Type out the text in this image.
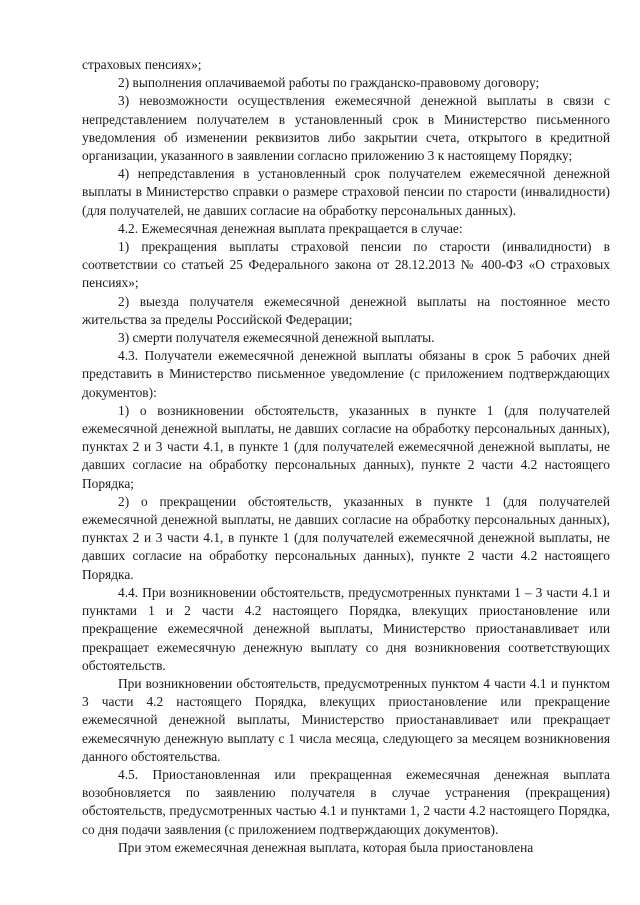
страховых пенсиях»;

2) выполнения оплачиваемой работы по гражданско-правовому договору;

3) невозможности осуществления ежемесячной денежной выплаты в связи с непредставлением получателем в установленный срок в Министерство письменного уведомления об изменении реквизитов либо закрытии счета, открытого в кредитной организации, указанного в заявлении согласно приложению 3 к настоящему Порядку;

4) непредставления в установленный срок получателем ежемесячной денежной выплаты в Министерство справки о размере страховой пенсии по старости (инвалидности) (для получателей, не давших согласие на обработку персональных данных).

4.2. Ежемесячная денежная выплата прекращается в случае:

1) прекращения выплаты страховой пенсии по старости (инвалидности) в соответствии со статьей 25 Федерального закона от 28.12.2013 № 400-ФЗ «О страховых пенсиях»;

2) выезда получателя ежемесячной денежной выплаты на постоянное место жительства за пределы Российской Федерации;

3) смерти получателя ежемесячной денежной выплаты.

4.3. Получатели ежемесячной денежной выплаты обязаны в срок 5 рабочих дней представить в Министерство письменное уведомление (с приложением подтверждающих документов):

1) о возникновении обстоятельств, указанных в пункте 1 (для получателей ежемесячной денежной выплаты, не давших согласие на обработку персональных данных), пунктах 2 и 3 части 4.1, в пункте 1 (для получателей ежемесячной денежной выплаты, не давших согласие на обработку персональных данных), пункте 2 части 4.2 настоящего Порядка;

2) о прекращении обстоятельств, указанных в пункте 1 (для получателей ежемесячной денежной выплаты, не давших согласие на обработку персональных данных), пунктах 2 и 3 части 4.1, в пункте 1 (для получателей ежемесячной денежной выплаты, не давших согласие на обработку персональных данных), пункте 2 части 4.2 настоящего Порядка.

4.4. При возникновении обстоятельств, предусмотренных пунктами 1 – 3 части 4.1 и пунктами 1 и 2 части 4.2 настоящего Порядка, влекущих приостановление или прекращение ежемесячной денежной выплаты, Министерство приостанавливает или прекращает ежемесячную денежную выплату со дня возникновения соответствующих обстоятельств.

При возникновении обстоятельств, предусмотренных пунктом 4 части 4.1 и пунктом 3 части 4.2 настоящего Порядка, влекущих приостановление или прекращение ежемесячной денежной выплаты, Министерство приостанавливает или прекращает ежемесячную денежную выплату с 1 числа месяца, следующего за месяцем возникновения данного обстоятельства.

4.5. Приостановленная или прекращенная ежемесячная денежная выплата возобновляется по заявлению получателя в случае устранения (прекращения) обстоятельств, предусмотренных частью 4.1 и пунктами 1, 2 части 4.2 настоящего Порядка, со дня подачи заявления (с приложением подтверждающих документов).

При этом ежемесячная денежная выплата, которая была приостановлена
